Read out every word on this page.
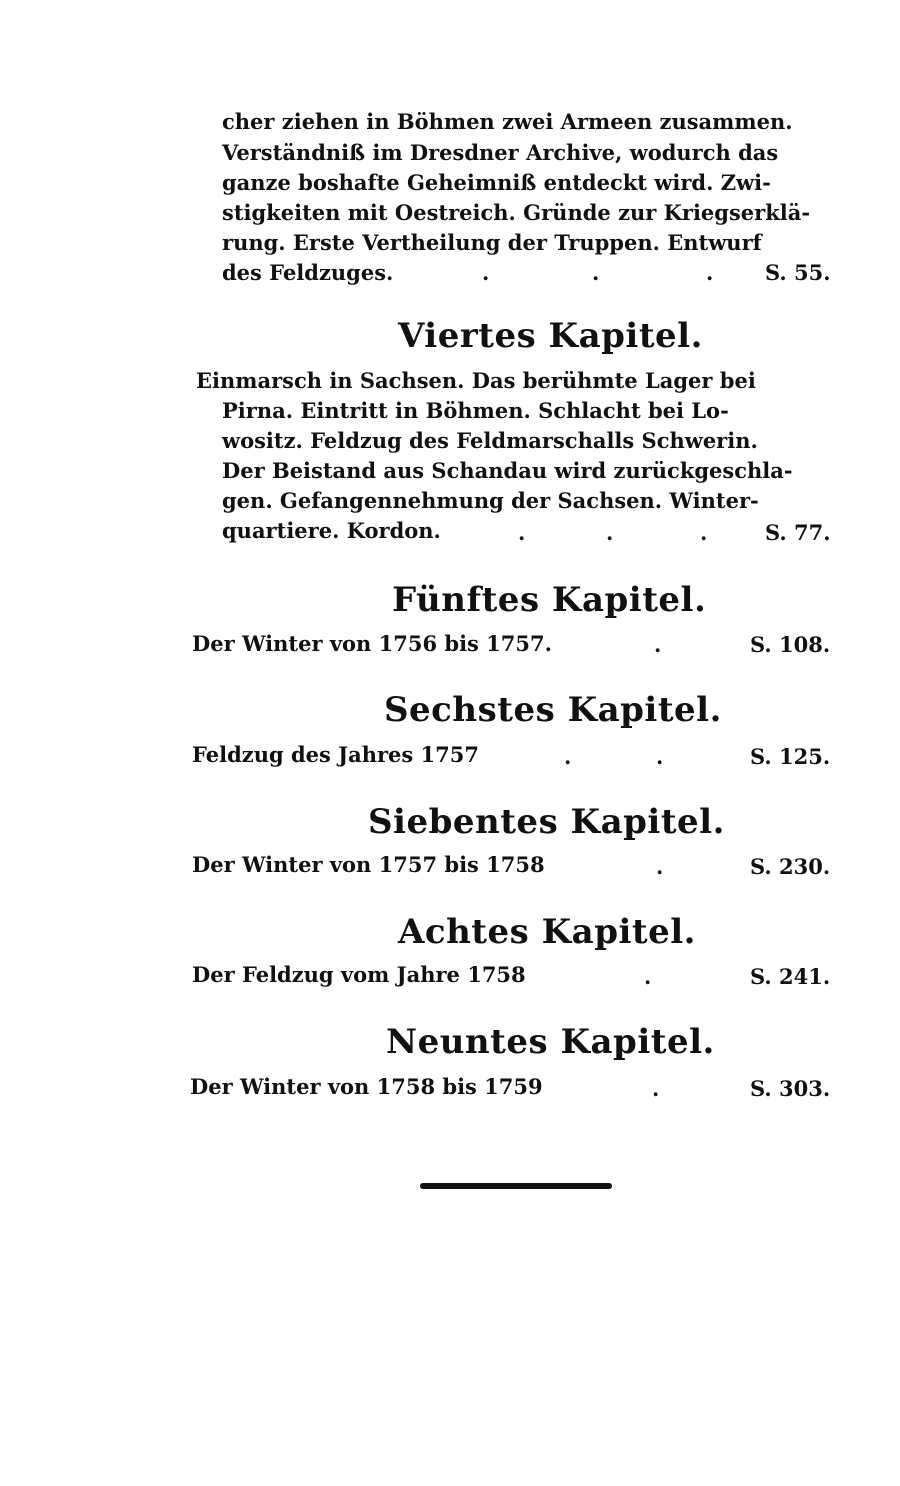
cher ziehen in Böhmen zwei Armeen zusammen.
Verständniß im Dresdner Archive, wodurch das
ganze boshafte Geheimniß entdeckt wird. Zwi-
stigkeiten mit Oestreich. Gründe zur Kriegserklä-
rung. Erste Vertheilung der Truppen. Entwurf
des Feldzuges.	․	․	․ S. 55.
Viertes Kapitel.
Einmarsch in Sachsen. Das berühmte Lager bei
Pirna. Eintritt in Böhmen. Schlacht bei Lo-
wositz. Feldzug des Feldmarschalls Schwerin.
Der Beistand aus Schandau wird zurückgeschla-
gen. Gefangennehmung der Sachsen. Winter-
quartiere. Kordon.	․	․	․	S. 77.
Fünftes Kapitel.
Der Winter von 1756 bis 1757.	․	S. 108.
Sechstes Kapitel.
Feldzug des Jahres 1757	․	․	S. 125.
Siebentes Kapitel.
Der Winter von 1757 bis 1758	․	S. 230.
Achtes Kapitel.
Der Feldzug vom Jahre 1758	․	S. 241.
Neuntes Kapitel.
Der Winter von 1758 bis 1759	․	S. 303.
